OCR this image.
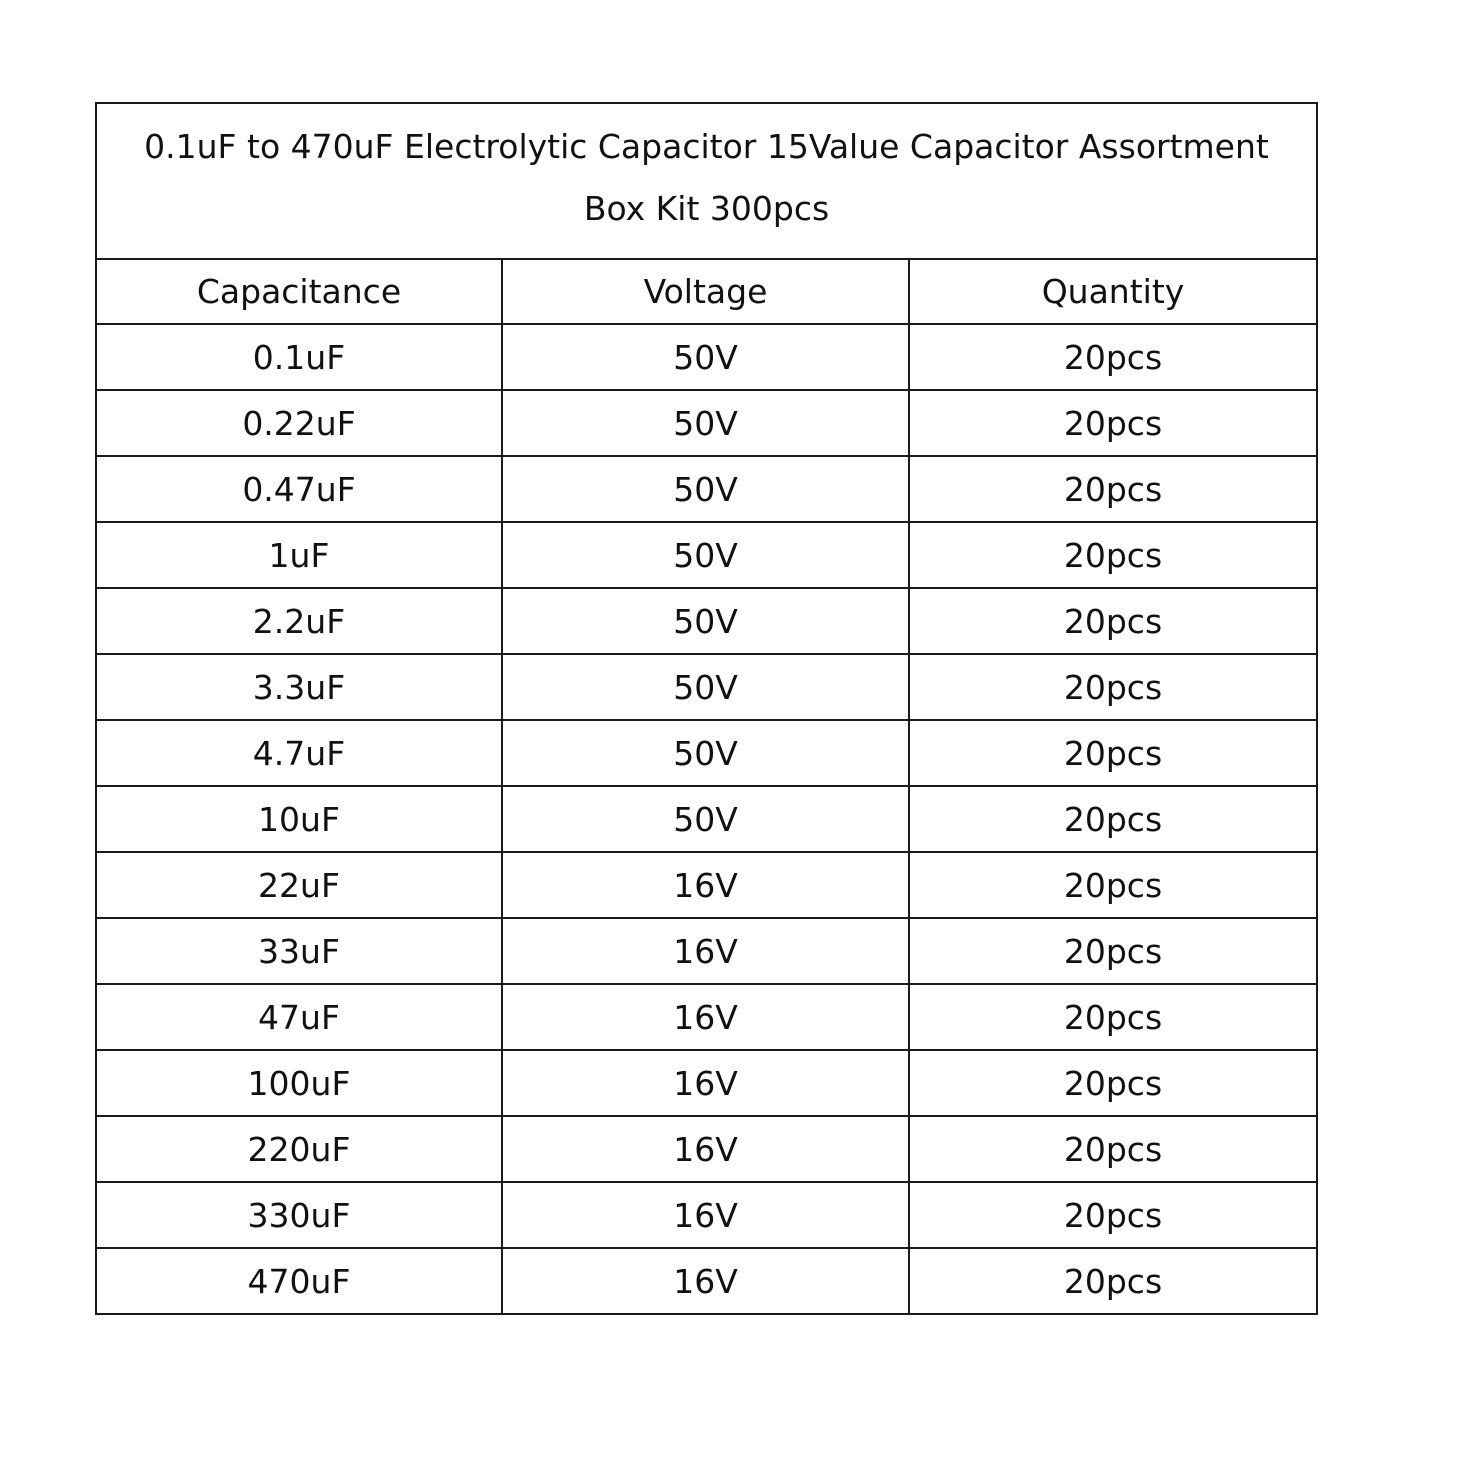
0.1uF to 470uF Electrolytic Capacitor 15Value Capacitor Assortment Box Kit 300pcs		

Capacitance	Voltage	Quantity
0.1uF	50V	20pcs
0.22uF	50V	20pcs
0.47uF	50V	20pcs
1uF	50V	20pcs
2.2uF	50V	20pcs
3.3uF	50V	20pcs
4.7uF	50V	20pcs
10uF	50V	20pcs
22uF	16V	20pcs
33uF	16V	20pcs
47uF	16V	20pcs
100uF	16V	20pcs
220uF	16V	20pcs
330uF	16V	20pcs
470uF	16V	20pcs
